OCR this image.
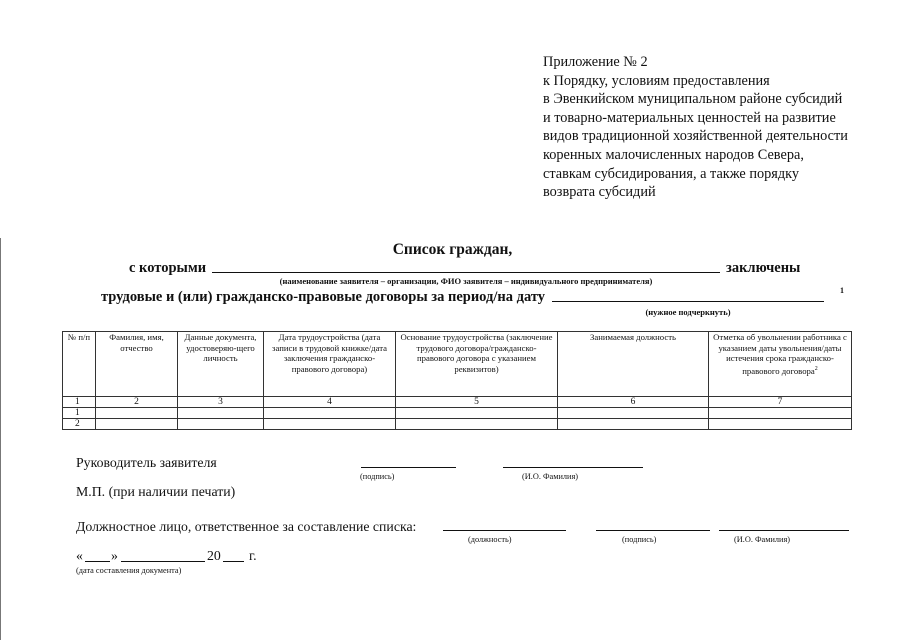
Приложение № 2
к Порядку, условиям предоставления
в Эвенкийском муниципальном районе субсидий
и товарно-материальных ценностей на развитие
видов традиционной хозяйственной деятельности
коренных малочисленных народов Севера,
ставкам субсидирования, а также порядку
возврата субсидий
Список граждан,
с которыми	заключены
(наименование заявителя – организации, ФИО заявителя – индивидуального предпринимателя)
трудовые и (или) гражданско-правовые договоры за период/на дату	1
(нужное подчеркнуть)
№ п/п	Фамилия, имя, отчество	Данные документа, удостоверяю-щего личность	Дата трудоустройства (дата записи в трудовой книжке/дата заключения гражданско-правового договора)	Основание трудоустройства (заключение трудового договора/гражданско-правового договора с указанием реквизитов)	Занимаемая должность	Отметка об увольнении работника с указанием даты увольнения/даты истечения срока гражданско-правового договора$^2$
1	2	3	4	5	6	7
1						
2						
Руководитель заявителя
(подпись)	(И.О. Фамилия)
М.П. (при наличии печати)
Должностное лицо, ответственное за составление списка:
(должность)	(подпись)	(И.О. Фамилия)
« »	20 г.
(дата составления документа)
